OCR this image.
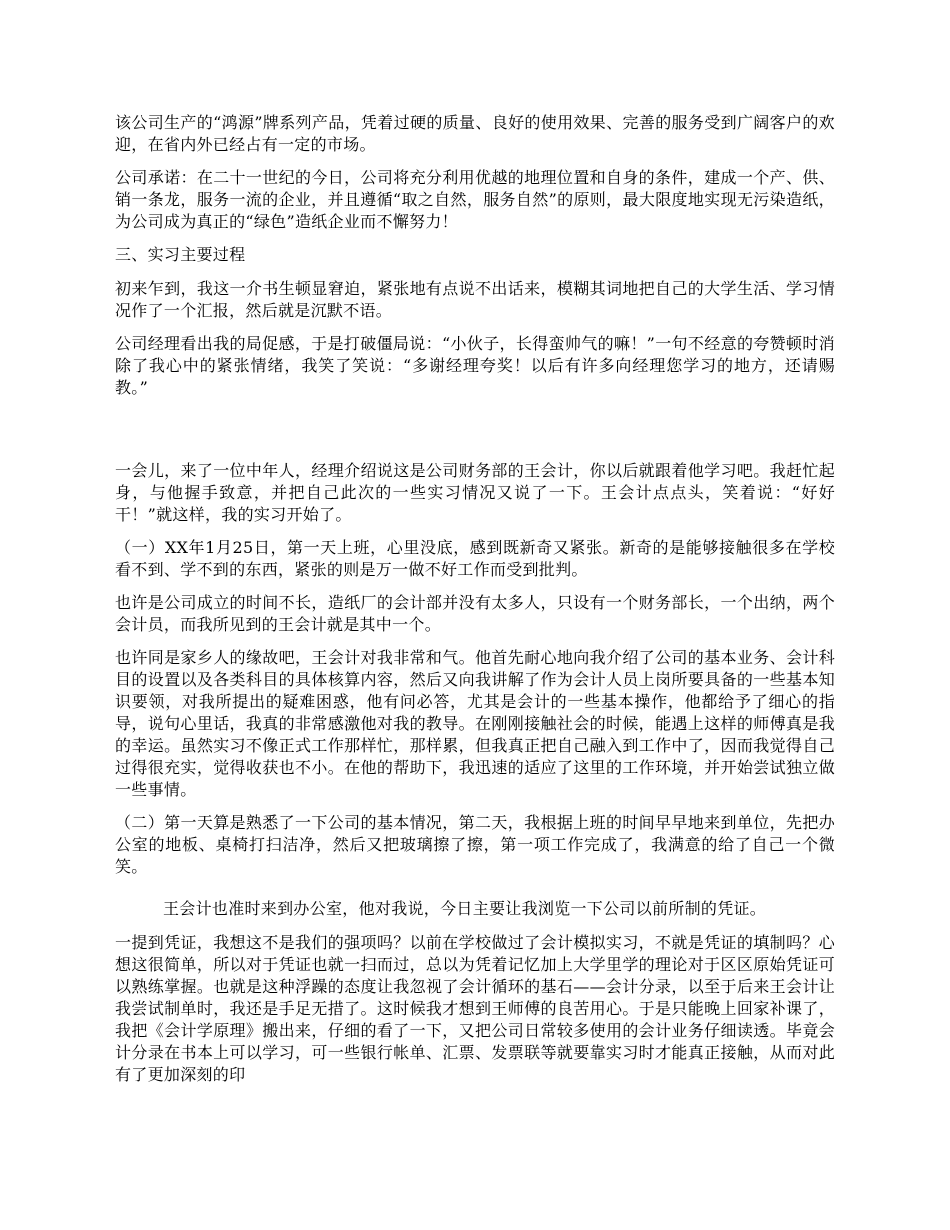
该公司生产的“鸿源”牌系列产品，凭着过硬的质量、良好的使用效果、完善的服务受到广阔客户的欢迎，在省内外已经占有一定的市场。

公司承诺：在二十一世纪的今日，公司将充分利用优越的地理位置和自身的条件，建成一个产、供、销一条龙，服务一流的企业，并且遵循“取之自然，服务自然”的原则，最大限度地实现无污染造纸，为公司成为真正的“绿色”造纸企业而不懈努力！

三、实习主要过程

初来乍到，我这一介书生顿显窘迫，紧张地有点说不出话来，模糊其词地把自己的大学生活、学习情况作了一个汇报，然后就是沉默不语。

公司经理看出我的局促感，于是打破僵局说：“小伙子，长得蛮帅气的嘛！”一句不经意的夸赞顿时消除了我心中的紧张情绪，我笑了笑说：“多谢经理夸奖！以后有许多向经理您学习的地方，还请赐教。”

一会儿，来了一位中年人，经理介绍说这是公司财务部的王会计，你以后就跟着他学习吧。我赶忙起身，与他握手致意，并把自己此次的一些实习情况又说了一下。王会计点点头，笑着说：“好好干！”就这样，我的实习开始了。

（一）XX年1月25日，第一天上班，心里没底，感到既新奇又紧张。新奇的是能够接触很多在学校看不到、学不到的东西，紧张的则是万一做不好工作而受到批判。

也许是公司成立的时间不长，造纸厂的会计部并没有太多人，只设有一个财务部长，一个出纳，两个会计员，而我所见到的王会计就是其中一个。

也许同是家乡人的缘故吧，王会计对我非常和气。他首先耐心地向我介绍了公司的基本业务、会计科目的设置以及各类科目的具体核算内容，然后又向我讲解了作为会计人员上岗所要具备的一些基本知识要领，对我所提出的疑难困惑，他有问必答，尤其是会计的一些基本操作，他都给予了细心的指导，说句心里话，我真的非常感激他对我的教导。在刚刚接触社会的时候，能遇上这样的师傅真是我的幸运。虽然实习不像正式工作那样忙，那样累，但我真正把自己融入到工作中了，因而我觉得自己过得很充实，觉得收获也不小。在他的帮助下，我迅速的适应了这里的工作环境，并开始尝试独立做一些事情。

（二）第一天算是熟悉了一下公司的基本情况，第二天，我根据上班的时间早早地来到单位，先把办公室的地板、桌椅打扫洁净，然后又把玻璃擦了擦，第一项工作完成了，我满意的给了自己一个微笑。

王会计也准时来到办公室，他对我说，今日主要让我浏览一下公司以前所制的凭证。

一提到凭证，我想这不是我们的强项吗？以前在学校做过了会计模拟实习，不就是凭证的填制吗？心想这很简单，所以对于凭证也就一扫而过，总以为凭着记忆加上大学里学的理论对于区区原始凭证可以熟练掌握。也就是这种浮躁的态度让我忽视了会计循环的基石——会计分录，以至于后来王会计让我尝试制单时，我还是手足无措了。这时候我才想到王师傅的良苦用心。于是只能晚上回家补课了，我把《会计学原理》搬出来，仔细的看了一下，又把公司日常较多使用的会计业务仔细读透。毕竟会计分录在书本上可以学习，可一些银行帐单、汇票、发票联等就要靠实习时才能真正接触，从而对此有了更加深刻的印
